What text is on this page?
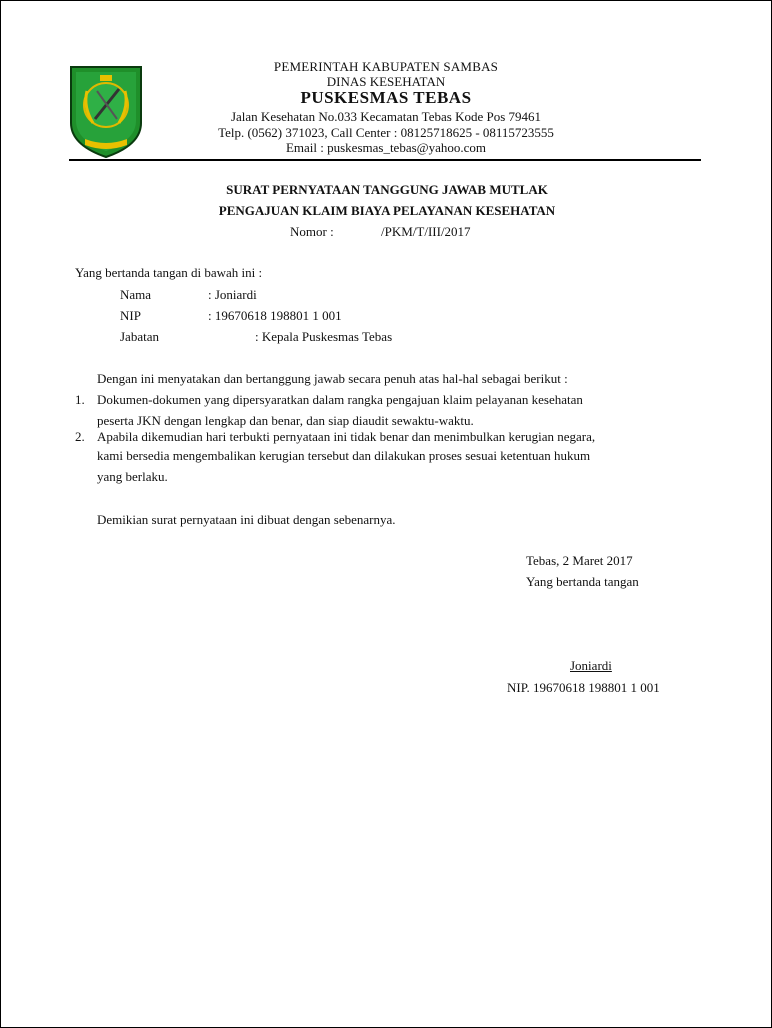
PEMERINTAH KABUPATEN SAMBAS
DINAS KESEHATAN
PUSKESMAS TEBAS
Jalan Kesehatan No.033 Kecamatan Tebas Kode Pos 79461
Telp. (0562) 371023, Call Center : 08125718625 - 08115723555
Email : puskesmas_tebas@yahoo.com
SURAT PERNYATAAN TANGGUNG JAWAB MUTLAK
PENGAJUAN KLAIM BIAYA PELAYANAN KESEHATAN
Nomor :	/PKM/T/III/2017
Yang bertanda tangan di bawah ini :
Nama	: Joniardi
NIP	: 19670618 198801 1 001
Jabatan	: Kepala Puskesmas Tebas
Dengan ini menyatakan dan bertanggung jawab secara penuh atas hal-hal sebagai berikut :
1. Dokumen-dokumen yang dipersyaratkan dalam rangka pengajuan klaim pelayanan kesehatan
peserta JKN dengan lengkap dan benar, dan siap diaudit sewaktu-waktu.
2. Apabila dikemudian hari terbukti pernyataan ini tidak benar dan menimbulkan kerugian negara,
kami bersedia mengembalikan kerugian tersebut dan dilakukan proses sesuai ketentuan hukum
yang berlaku.
Demikian surat pernyataan ini dibuat dengan sebenarnya.
Tebas, 2 Maret 2017
Yang bertanda tangan
Joniardi
NIP. 19670618 198801 1 001
